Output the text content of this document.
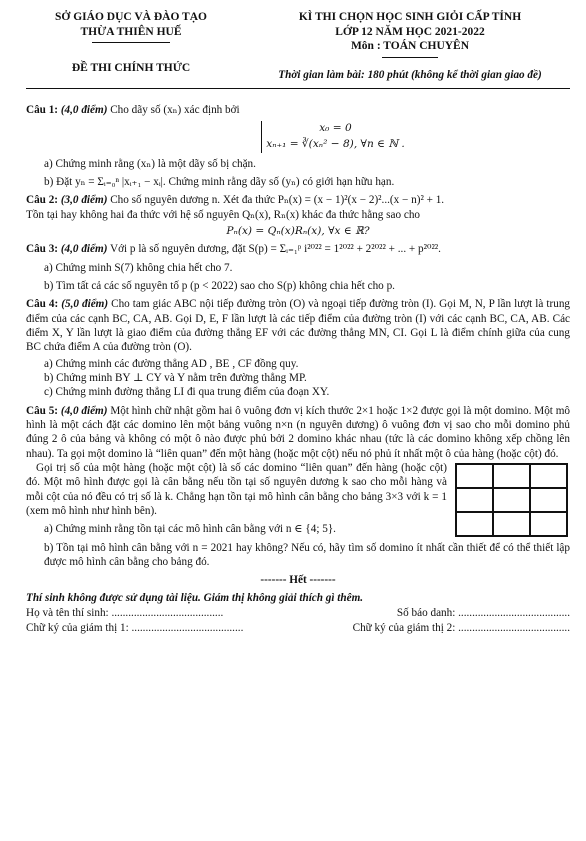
SỞ GIÁO DỤC VÀ ĐÀO TẠO
THỪA THIÊN HUẾ
ĐỀ THI CHÍNH THỨC
KÌ THI CHỌN HỌC SINH GIỎI CẤP TỈNH
LỚP 12 NĂM HỌC 2021-2022
Môn : TOÁN CHUYÊN
Thời gian làm bài: 180 phút (không kể thời gian giao đề)
Câu 1: (4,0 điểm) Cho dãy số (xₙ) xác định bởi
x₀ = 0
xₙ₊₁ = ∛(xₙ² − 8), ∀n ∈ ℕ .
a) Chứng minh rằng (xₙ) là một dãy số bị chặn.
b) Đặt yₙ = Σᵢ₌₀ⁿ |xᵢ₊₁ − xᵢ|. Chứng minh rằng dãy số (yₙ) có giới hạn hữu hạn.
Câu 2: (3,0 điểm) Cho số nguyên dương n. Xét đa thức Pₙ(x) = (x − 1)²(x − 2)²...(x − n)² + 1.
Tồn tại hay không hai đa thức với hệ số nguyên Qₙ(x), Rₙ(x) khác đa thức hằng sao cho
Pₙ(x) = Qₙ(x)Rₙ(x), ∀x ∈ ℝ?
Câu 3: (4,0 điểm) Với p là số nguyên dương, đặt S(p) = Σᵢ₌₁ᵖ i²⁰²² = 1²⁰²² + 2²⁰²² + ... + p²⁰²².
a) Chứng minh S(7) không chia hết cho 7.
b) Tìm tất cả các số nguyên tố p (p < 2022) sao cho S(p) không chia hết cho p.
Câu 4: (5,0 điểm) Cho tam giác ABC nội tiếp đường tròn (O) và ngoại tiếp đường tròn (I). Gọi M, N, P lần lượt là trung điểm của các cạnh BC, CA, AB. Gọi D, E, F lần lượt là các tiếp điểm của đường tròn (I) với các cạnh BC, CA, AB. Các điểm X, Y lần lượt là giao điểm của đường thẳng EF với các đường thẳng MN, CI. Gọi L là điểm chính giữa của cung BC chứa điểm A của đường tròn (O).
a) Chứng minh các đường thẳng AD , BE , CF đồng quy.
b) Chứng minh BY ⊥ CY và Y nằm trên đường thẳng MP.
c) Chứng minh đường thẳng LI đi qua trung điểm của đoạn XY.
Câu 5: (4,0 điểm) Một hình chữ nhật gồm hai ô vuông đơn vị kích thước 2×1 hoặc 1×2 được gọi là một domino. Một mô hình là một cách đặt các domino lên một bảng vuông n×n (n nguyên dương) ô vuông đơn vị sao cho mỗi domino phủ đúng 2 ô của bảng và không có một ô nào được phủ bởi 2 domino khác nhau (tức là các domino không xếp chồng lên nhau). Ta gọi một domino là “liên quan” đến một hàng (hoặc một cột) nếu nó phủ ít nhất một ô của hàng (hoặc cột) đó.
Gọi trị số của một hàng (hoặc một cột) là số các domino “liên quan” đến hàng (hoặc cột) đó. Một mô hình được gọi là cân bằng nếu tồn tại số nguyên dương k sao cho mỗi hàng và mỗi cột của nó đều có trị số là k. Chẳng hạn tồn tại mô hình cân bằng cho bảng 3×3 với k = 1 (xem mô hình như hình bên).
a) Chứng minh rằng tồn tại các mô hình cân bằng với n ∈ {4; 5}.
b) Tồn tại mô hình cân bằng với n = 2021 hay không? Nếu có, hãy tìm số domino ít nhất cần thiết để có thể thiết lập được mô hình cân bằng cho bảng đó.
------- Hết -------
Thí sinh không được sử dụng tài liệu. Giám thị không giải thích gì thêm.
Họ và tên thí sinh: ........................................	Số báo danh: ........................................
Chữ ký của giám thị 1: ........................................	Chữ ký của giám thị 2: ........................................
